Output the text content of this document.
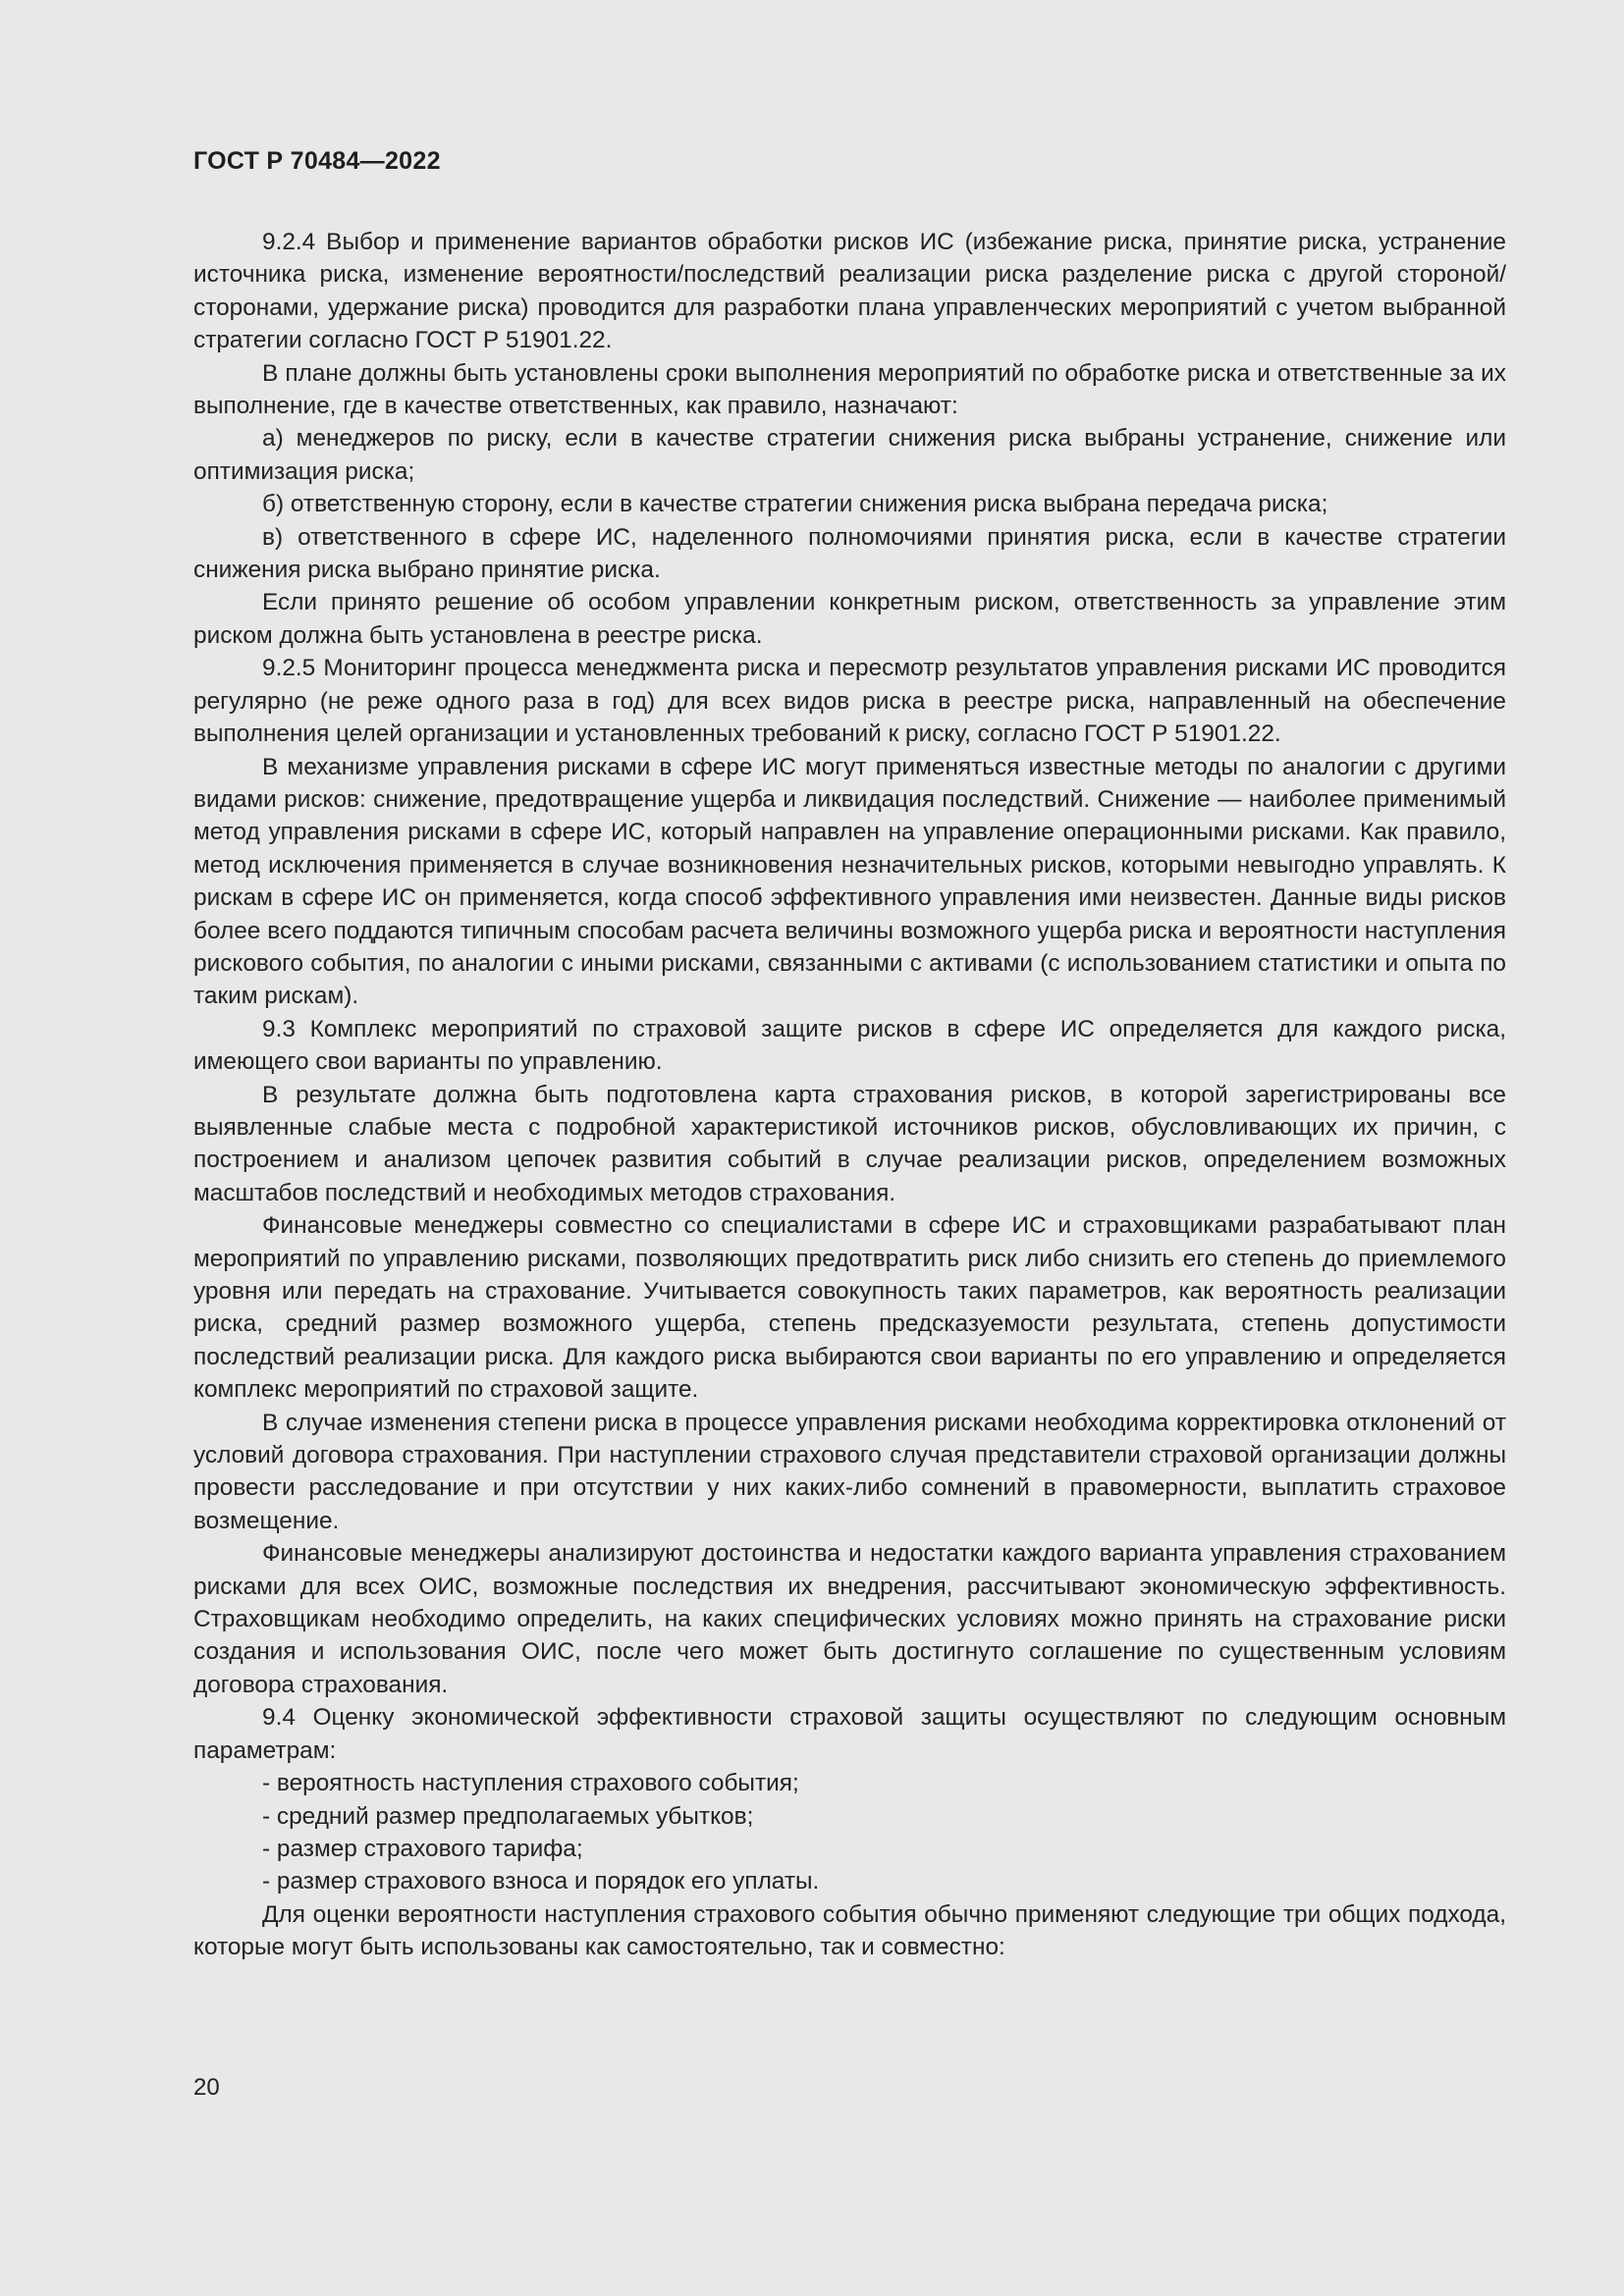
ГОСТ Р 70484—2022

9.2.4 Выбор и применение вариантов обработки рисков ИС (избежание риска, принятие риска, устранение источника риска, изменение вероятности/последствий реализации риска разделение риска с другой стороной/сторонами, удержание риска) проводится для разработки плана управленческих мероприятий с учетом выбранной стратегии согласно ГОСТ Р 51901.22.

В плане должны быть установлены сроки выполнения мероприятий по обработке риска и ответственные за их выполнение, где в качестве ответственных, как правило, назначают:

а) менеджеров по риску, если в качестве стратегии снижения риска выбраны устранение, снижение или оптимизация риска;

б) ответственную сторону, если в качестве стратегии снижения риска выбрана передача риска;

в) ответственного в сфере ИС, наделенного полномочиями принятия риска, если в качестве стратегии снижения риска выбрано принятие риска.

Если принято решение об особом управлении конкретным риском, ответственность за управление этим риском должна быть установлена в реестре риска.

9.2.5 Мониторинг процесса менеджмента риска и пересмотр результатов управления рисками ИС проводится регулярно (не реже одного раза в год) для всех видов риска в реестре риска, направленный на обеспечение выполнения целей организации и установленных требований к риску, согласно ГОСТ Р 51901.22.

В механизме управления рисками в сфере ИС могут применяться известные методы по аналогии с другими видами рисков: снижение, предотвращение ущерба и ликвидация последствий. Снижение — наиболее применимый метод управления рисками в сфере ИС, который направлен на управление операционными рисками. Как правило, метод исключения применяется в случае возникновения незначительных рисков, которыми невыгодно управлять. К рискам в сфере ИС он применяется, когда способ эффективного управления ими неизвестен. Данные виды рисков более всего поддаются типичным способам расчета величины возможного ущерба риска и вероятности наступления рискового события, по аналогии с иными рисками, связанными с активами (с использованием статистики и опыта по таким рискам).

9.3 Комплекс мероприятий по страховой защите рисков в сфере ИС определяется для каждого риска, имеющего свои варианты по управлению.

В результате должна быть подготовлена карта страхования рисков, в которой зарегистрированы все выявленные слабые места с подробной характеристикой источников рисков, обусловливающих их причин, с построением и анализом цепочек развития событий в случае реализации рисков, определением возможных масштабов последствий и необходимых методов страхования.

Финансовые менеджеры совместно со специалистами в сфере ИС и страховщиками разрабатывают план мероприятий по управлению рисками, позволяющих предотвратить риск либо снизить его степень до приемлемого уровня или передать на страхование. Учитывается совокупность таких параметров, как вероятность реализации риска, средний размер возможного ущерба, степень предсказуемости результата, степень допустимости последствий реализации риска. Для каждого риска выбираются свои варианты по его управлению и определяется комплекс мероприятий по страховой защите.

В случае изменения степени риска в процессе управления рисками необходима корректировка отклонений от условий договора страхования. При наступлении страхового случая представители страховой организации должны провести расследование и при отсутствии у них каких-либо сомнений в правомерности, выплатить страховое возмещение.

Финансовые менеджеры анализируют достоинства и недостатки каждого варианта управления страхованием рисками для всех ОИС, возможные последствия их внедрения, рассчитывают экономическую эффективность. Страховщикам необходимо определить, на каких специфических условиях можно принять на страхование риски создания и использования ОИС, после чего может быть достигнуто соглашение по существенным условиям договора страхования.

9.4 Оценку экономической эффективности страховой защиты осуществляют по следующим основным параметрам:

- вероятность наступления страхового события;

- средний размер предполагаемых убытков;

- размер страхового тарифа;

- размер страхового взноса и порядок его уплаты.

Для оценки вероятности наступления страхового события обычно применяют следующие три общих подхода, которые могут быть использованы как самостоятельно, так и совместно:

20
